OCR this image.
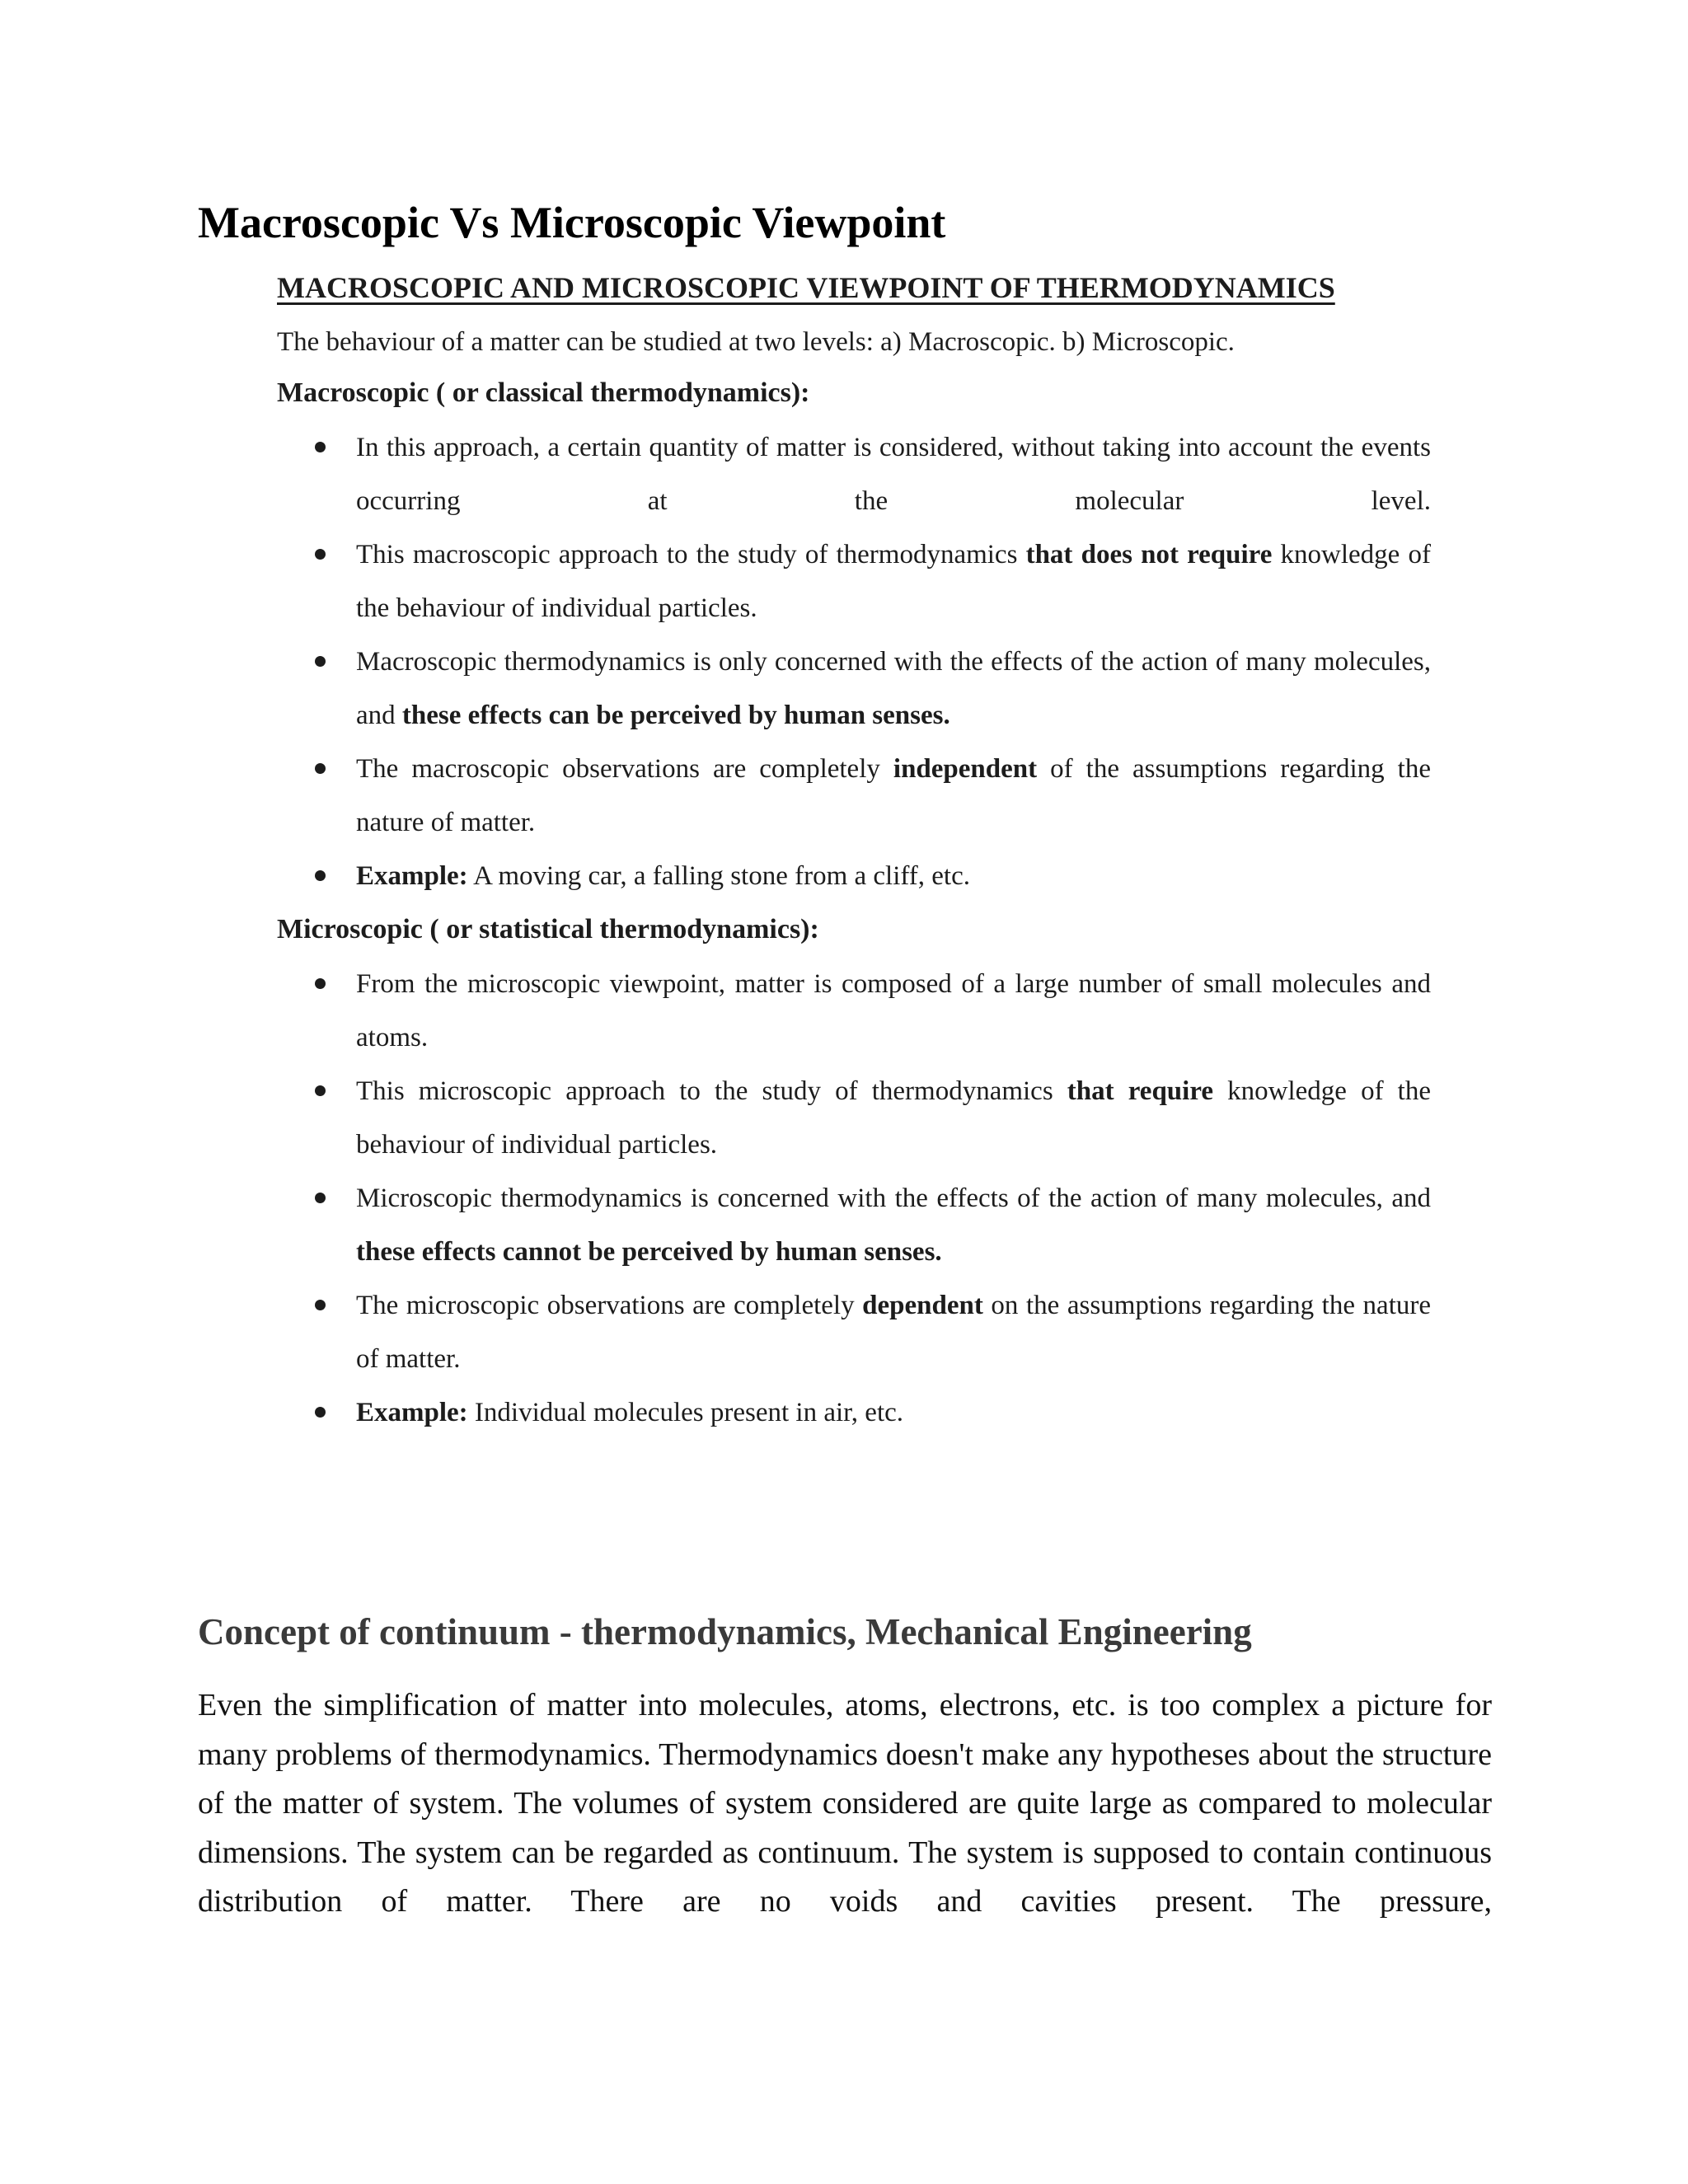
Macroscopic Vs Microscopic Viewpoint
MACROSCOPIC AND MICROSCOPIC VIEWPOINT OF THERMODYNAMICS

The behaviour of a matter can be studied at two levels: a) Macroscopic. b) Microscopic.

Macroscopic ( or classical thermodynamics):

In this approach, a certain quantity of matter is considered, without taking into account the events occurring at the molecular level.
This macroscopic approach to the study of thermodynamics that does not require knowledge of the behaviour of individual particles.
Macroscopic thermodynamics is only concerned with the effects of the action of many molecules, and these effects can be perceived by human senses.
The macroscopic observations are completely independent of the assumptions regarding the nature of matter.
Example: A moving car, a falling stone from a cliff, etc.

Microscopic ( or statistical thermodynamics):

From the microscopic viewpoint, matter is composed of a large number of small molecules and atoms.
This microscopic approach to the study of thermodynamics that require knowledge of the behaviour of individual particles.
Microscopic thermodynamics is concerned with the effects of the action of many molecules, and these effects cannot be perceived by human senses.
The microscopic observations are completely dependent on the assumptions regarding the nature of matter.
Example: Individual molecules present in air, etc.
Concept of continuum - thermodynamics, Mechanical Engineering

Even the simplification of matter into molecules, atoms, electrons, etc. is too complex a picture for many problems of thermodynamics. Thermodynamics doesn't make any hypotheses about the structure of the matter of system. The volumes of system considered are quite large as compared to molecular dimensions. The system can be regarded as continuum. The system is supposed to contain continuous distribution of matter. There are no voids and cavities present. The pressure,
